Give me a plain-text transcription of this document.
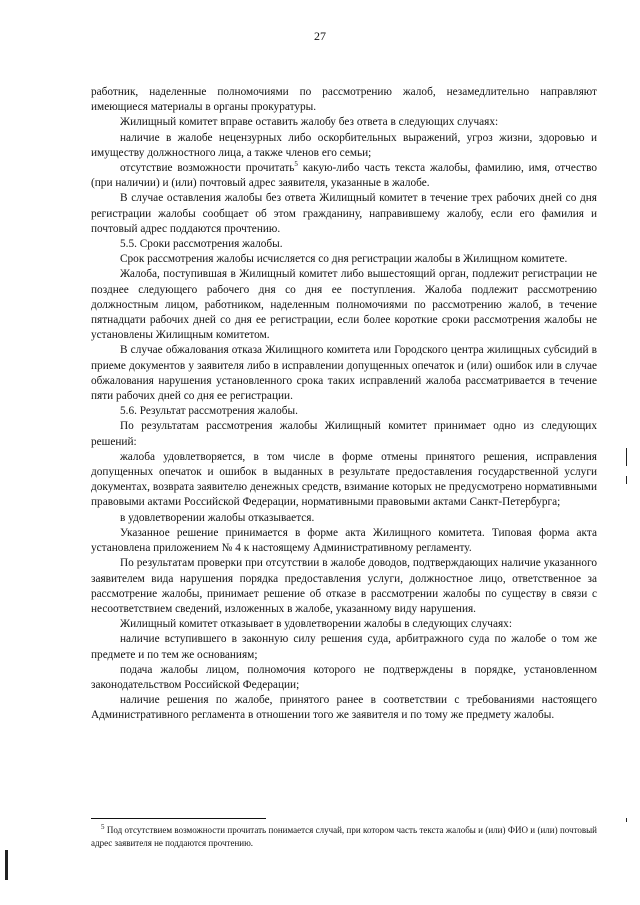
27

работник, наделенные полномочиями по рассмотрению жалоб, незамедлительно направляют имеющиеся материалы в органы прокуратуры.

Жилищный комитет вправе оставить жалобу без ответа в следующих случаях:

наличие в жалобе нецензурных либо оскорбительных выражений, угроз жизни, здоровью и имуществу должностного лица, а также членов его семьи;

отсутствие возможности прочитать$^5$ какую-либо часть текста жалобы, фамилию, имя, отчество (при наличии) и (или) почтовый адрес заявителя, указанные в жалобе.

В случае оставления жалобы без ответа Жилищный комитет в течение трех рабочих дней со дня регистрации жалобы сообщает об этом гражданину, направившему жалобу, если его фамилия и почтовый адрес поддаются прочтению.

5.5. Сроки рассмотрения жалобы.

Срок рассмотрения жалобы исчисляется со дня регистрации жалобы в Жилищном комитете.

Жалоба, поступившая в Жилищный комитет либо вышестоящий орган, подлежит регистрации не позднее следующего рабочего дня со дня ее поступления. Жалоба подлежит рассмотрению должностным лицом, работником, наделенным полномочиями по рассмотрению жалоб, в течение пятнадцати рабочих дней со дня ее регистрации, если более короткие сроки рассмотрения жалобы не установлены Жилищным комитетом.

В случае обжалования отказа Жилищного комитета или Городского центра жилищных субсидий в приеме документов у заявителя либо в исправлении допущенных опечаток и (или) ошибок или в случае обжалования нарушения установленного срока таких исправлений жалоба рассматривается в течение пяти рабочих дней со дня ее регистрации.

5.6. Результат рассмотрения жалобы.

По результатам рассмотрения жалобы Жилищный комитет принимает одно из следующих решений:

жалоба удовлетворяется, в том числе в форме отмены принятого решения, исправления допущенных опечаток и ошибок в выданных в результате предоставления государственной услуги документах, возврата заявителю денежных средств, взимание которых не предусмотрено нормативными правовыми актами Российской Федерации, нормативными правовыми актами Санкт-Петербурга;

в удовлетворении жалобы отказывается.

Указанное решение принимается в форме акта Жилищного комитета. Типовая форма акта установлена приложением № 4 к настоящему Административному регламенту.

По результатам проверки при отсутствии в жалобе доводов, подтверждающих наличие указанного заявителем вида нарушения порядка предоставления услуги, должностное лицо, ответственное за рассмотрение жалобы, принимает решение об отказе в рассмотрении жалобы по существу в связи с несоответствием сведений, изложенных в жалобе, указанному виду нарушения.

Жилищный комитет отказывает в удовлетворении жалобы в следующих случаях:

наличие вступившего в законную силу решения суда, арбитражного суда по жалобе о том же предмете и по тем же основаниям;

подача жалобы лицом, полномочия которого не подтверждены в порядке, установленном законодательством Российской Федерации;

наличие решения по жалобе, принятого ранее в соответствии с требованиями настоящего Административного регламента в отношении того же заявителя и по тому же предмету жалобы.

$^5$ Под отсутствием возможности прочитать понимается случай, при котором часть текста жалобы и (или) ФИО и (или) почтовый адрес заявителя не поддаются прочтению.
